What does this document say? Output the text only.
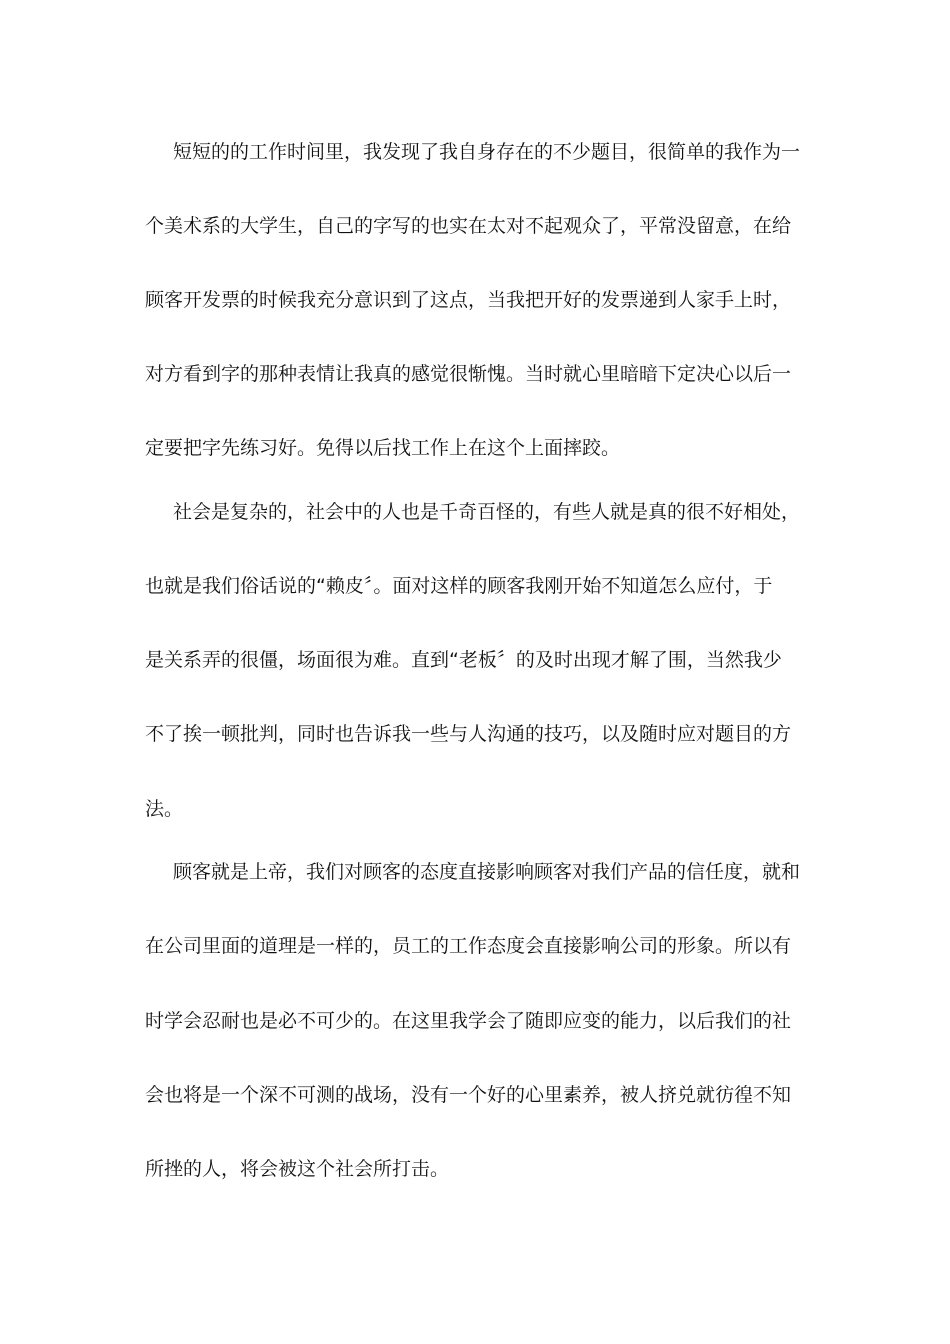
短短的的工作时间里，我发现了我自身存在的不少题目，很简单的我作为一
个美术系的大学生，自己的字写的也实在太对不起观众了，平常没留意，在给
顾客开发票的时候我充分意识到了这点，当我把开好的发票递到人家手上时，
对方看到字的那种表情让我真的感觉很惭愧。当时就心里暗暗下定决心以后一
定要把字先练习好。免得以后找工作上在这个上面摔跤。
社会是复杂的，社会中的人也是千奇百怪的，有些人就是真的很不好相处，
也就是我们俗话说的“赖皮〞。面对这样的顾客我刚开始不知道怎么应付，于
是关系弄的很僵，场面很为难。直到“老板〞的及时出现才解了围，当然我少
不了挨一顿批判，同时也告诉我一些与人沟通的技巧，以及随时应对题目的方
法。
顾客就是上帝，我们对顾客的态度直接影响顾客对我们产品的信任度，就和
在公司里面的道理是一样的，员工的工作态度会直接影响公司的形象。所以有
时学会忍耐也是必不可少的。在这里我学会了随即应变的能力，以后我们的社
会也将是一个深不可测的战场，没有一个好的心里素养，被人挤兑就彷徨不知
所挫的人，将会被这个社会所打击。
